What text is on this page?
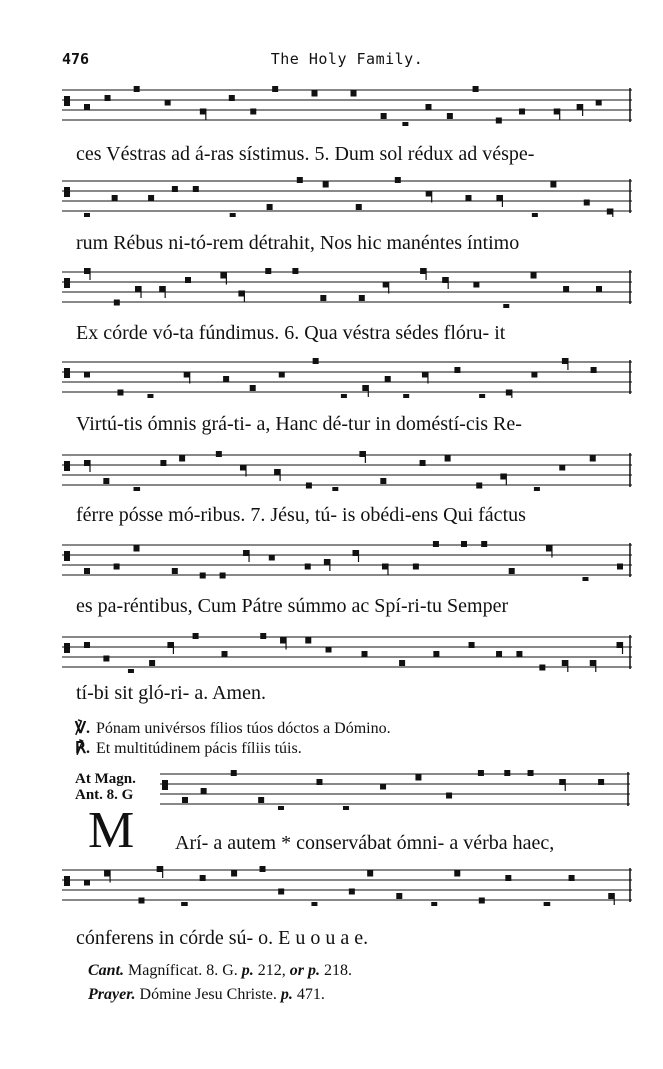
476	The Holy Family.
ces Véstras ad á-ras sístimus. 5. Dum sol rédux ad véspe-
rum Rébus ni-tó-rem détrahit, Nos hic manéntes íntimo
Ex córde vó-ta fúndimus. 6. Qua véstra sédes flóru- it
Virtú-tis ómnis grá-ti- a, Hanc dé-tur in doméstí-cis Re-
férre pósse mó-ribus. 7. Jésu, tú- is obédi-ens Qui fáctus
es pa-réntibus, Cum Pátre súmmo ac Spí-ri-tu Semper
tí-bi sit gló-ri- a. Amen.
℣. Pónam univérsos fílios túos dóctos a Dómino.
℟. Et multitúdinem pácis fíliis túis.
At Magn.
Ant. 8. G
M Arí- a autem * conservábat ómni- a vérba haec,
cónferens in córde sú- o. E u o u a e.
Cant. Magníficat. 8. G. p. 212, or p. 218.
Prayer. Dómine Jesu Christe. p. 471.
